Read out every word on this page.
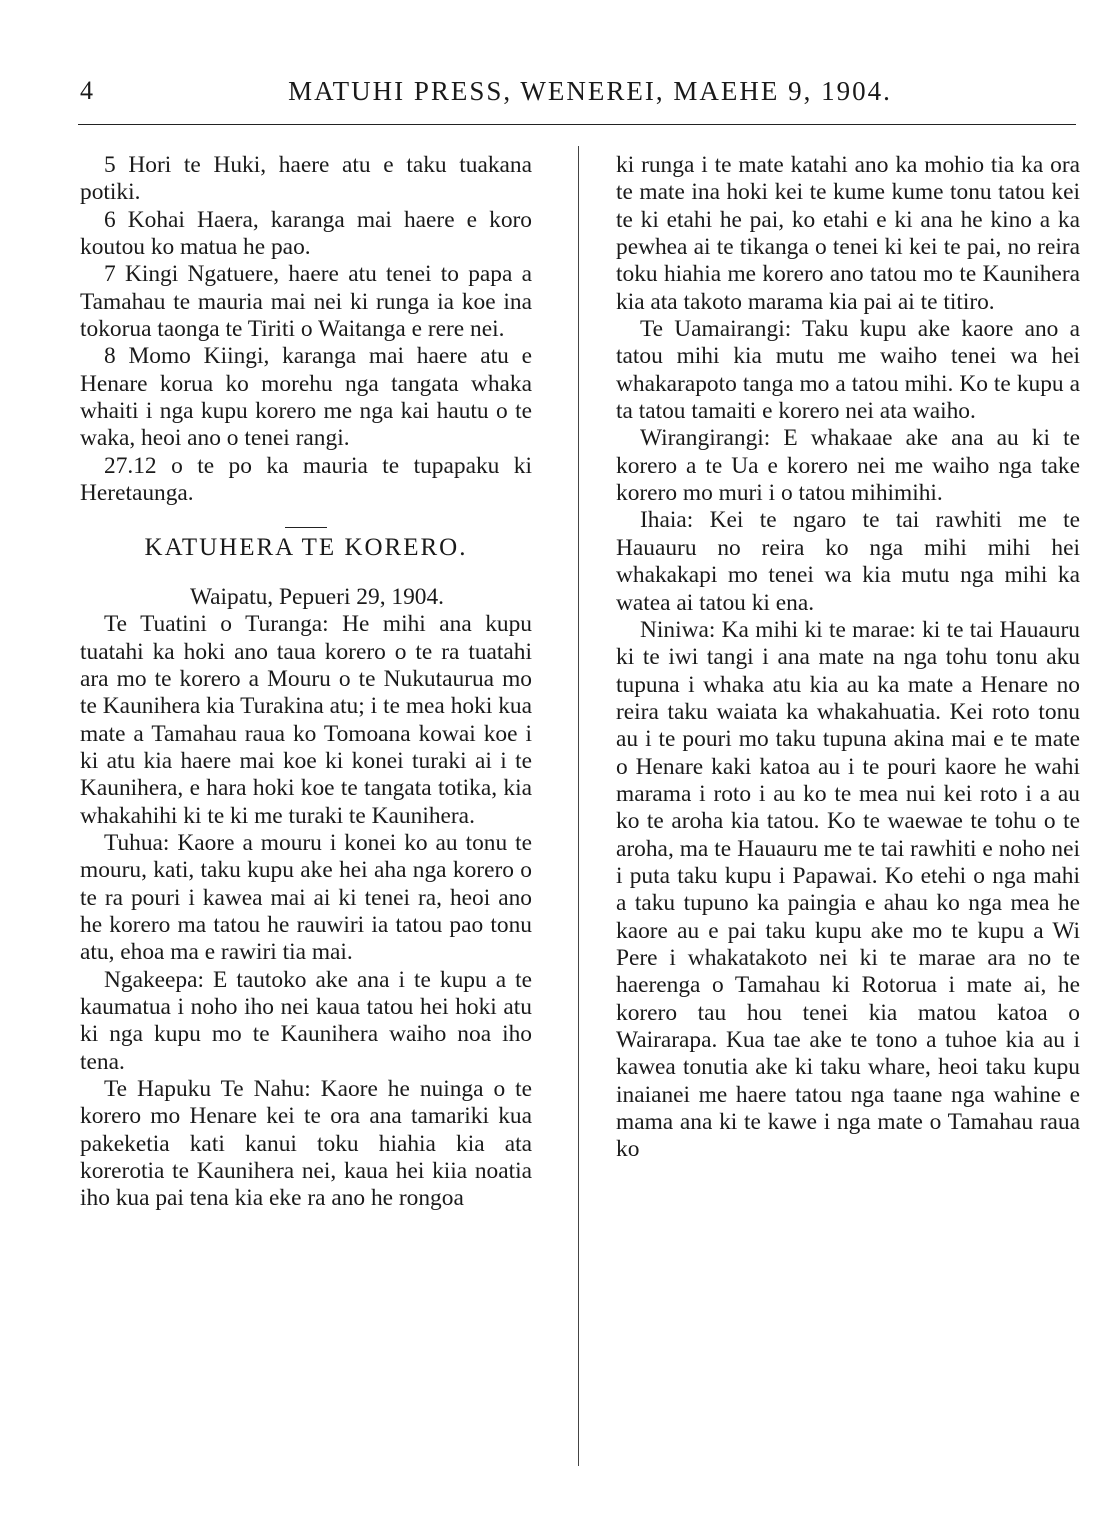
4	MATUHI PRESS, WENEREI, MAEHE 9, 1904.

5 Hori te Huki, haere atu e taku tuakana potiki.

6 Kohai Haera, karanga mai haere e koro koutou ko matua he pao.

7 Kingi Ngatuere, haere atu tenei to papa a Tamahau te mauria mai nei ki runga ia koe ina tokorua taonga te Tiriti o Waitanga e rere nei.

8 Momo Kiingi, karanga mai haere atu e Henare korua ko morehu nga tangata whaka whaiti i nga kupu korero me nga kai hautu o te waka, heoi ano o tenei rangi.

27.12 o te po ka mauria te tupapaku ki Heretaunga.

KATUHERA TE KORERO.

Waipatu, Pepueri 29, 1904.

Te Tuatini o Turanga: He mihi ana kupu tuatahi ka hoki ano taua korero o te ra tuatahi ara mo te korero a Mouru o te Nukutaurua mo te Kaunihera kia Turakina atu; i te mea hoki kua mate a Tamahau raua ko Tomoana kowai koe i ki atu kia haere mai koe ki konei turaki ai i te Kaunihera, e hara hoki koe te tangata totika, kia whakahihi ki te ki me turaki te Kaunihera.

Tuhua: Kaore a mouru i konei ko au tonu te mouru, kati, taku kupu ake hei aha nga korero o te ra pouri i kawea mai ai ki tenei ra, heoi ano he korero ma tatou he rauwiri ia tatou pao tonu atu, ehoa ma e rawiri tia mai.

Ngakeepa: E tautoko ake ana i te kupu a te kaumatua i noho iho nei kaua tatou hei hoki atu ki nga kupu mo te Kaunihera waiho noa iho tena.

Te Hapuku Te Nahu: Kaore he nuinga o te korero mo Henare kei te ora ana tamariki kua pakeketia kati kanui toku hiahia kia ata korerotia te Kaunihera nei, kaua hei kiia noatia iho kua pai tena kia eke ra ano he rongoa

ki runga i te mate katahi ano ka mohio tia ka ora te mate ina hoki kei te kume kume tonu tatou kei te ki etahi he pai, ko etahi e ki ana he kino a ka pewhea ai te tikanga o tenei ki kei te pai, no reira toku hiahia me korero ano tatou mo te Kaunihera kia ata takoto marama kia pai ai te titiro.

Te Uamairangi: Taku kupu ake kaore ano a tatou mihi kia mutu me waiho tenei wa hei whakarapoto tanga mo a tatou mihi. Ko te kupu a ta tatou tamaiti e korero nei ata waiho.

Wirangirangi: E whakaae ake ana au ki te korero a te Ua e korero nei me waiho nga take korero mo muri i o tatou mihimihi.

Ihaia: Kei te ngaro te tai rawhiti me te Hauauru no reira ko nga mihi mihi hei whakakapi mo tenei wa kia mutu nga mihi ka watea ai tatou ki ena.

Niniwa: Ka mihi ki te marae: ki te tai Hauauru ki te iwi tangi i ana mate na nga tohu tonu aku tupuna i whaka atu kia au ka mate a Henare no reira taku waiata ka whakahuatia. Kei roto tonu au i te pouri mo taku tupuna akina mai e te mate o Henare kaki katoa au i te pouri kaore he wahi marama i roto i au ko te mea nui kei roto i a au ko te aroha kia tatou. Ko te waewae te tohu o te aroha, ma te Hauauru me te tai rawhiti e noho nei i puta taku kupu i Papawai. Ko etehi o nga mahi a taku tupuno ka paingia e ahau ko nga mea he kaore au e pai taku kupu ake mo te kupu a Wi Pere i whakatakoto nei ki te marae ara no te haerenga o Tamahau ki Rotorua i mate ai, he korero tau hou tenei kia matou katoa o Wairarapa. Kua tae ake te tono a tuhoe kia au i kawea tonutia ake ki taku whare, heoi taku kupu inaianei me haere tatou nga taane nga wahine e mama ana ki te kawe i nga mate o Tamahau raua ko
